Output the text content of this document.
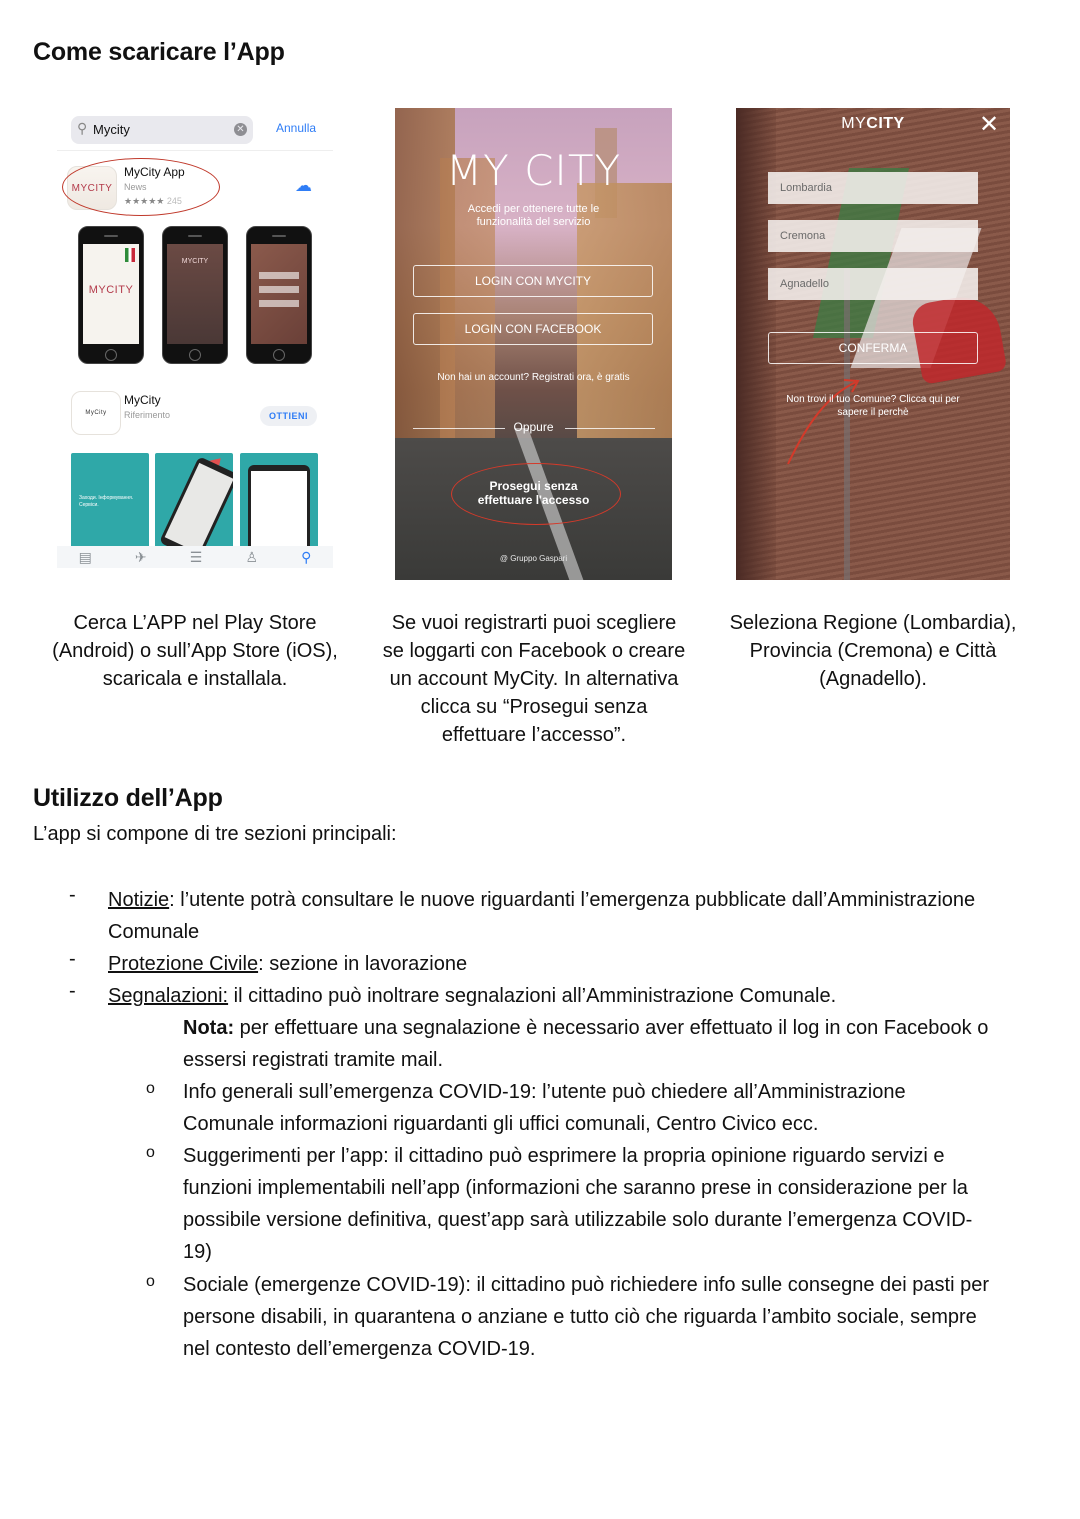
Come scaricare l’App
⚲ Mycity	✕	Annulla
MYCITY
MyCity App
News
★★★★★ 245
☁
MYCITY
MYCITY
MyCity
MyCity
Riferimento	OTTIENI
Заходи. Інформування. Сервіси.
▤	✈	☰	♙	⚲
MY CITY
Accedi per ottenere tutte le
funzionalità del servizio
LOGIN CON MYCITY
LOGIN CON FACEBOOK
Non hai un account? Registrati ora, è gratis
Oppure
Prosegui senza
effettuare l'accesso
@ Gruppo Gaspari
MYCITY	✕
Lombardia
Cremona
Agnadello
CONFERMA
Non trovi il tuo Comune? Clicca qui per
sapere il perchè
Cerca L’APP nel Play Store
(Android) o sull’App Store (iOS),
scaricala e installala.
Se vuoi registrarti puoi scegliere
se loggarti con Facebook o creare
un account MyCity. In alternativa
clicca su “Prosegui senza
effettuare l’accesso”.
Seleziona Regione (Lombardia),
Provincia (Cremona) e Città
(Agnadello).
Utilizzo dell’App
L’app si compone di tre sezioni principali:
- Notizie: l’utente potrà consultare le nuove riguardanti l’emergenza pubblicate dall’Amministrazione
Comunale
- Protezione Civile: sezione in lavorazione
- Segnalazioni: il cittadino può inoltrare segnalazioni all’Amministrazione Comunale.
Nota: per effettuare una segnalazione è necessario aver effettuato il log in con Facebook o
essersi registrati tramite mail.
o Info generali sull’emergenza COVID-19: l’utente può chiedere all’Amministrazione
Comunale informazioni riguardanti gli uffici comunali, Centro Civico ecc.
o Suggerimenti per l’app: il cittadino può esprimere la propria opinione riguardo servizi e
funzioni implementabili nell’app (informazioni che saranno prese in considerazione per la
possibile versione definitiva, quest’app sarà utilizzabile solo durante l’emergenza COVID-
19)
o Sociale (emergenze COVID-19): il cittadino può richiedere info sulle consegne dei pasti per
persone disabili, in quarantena o anziane e tutto ciò che riguarda l’ambito sociale, sempre
nel contesto dell’emergenza COVID-19.
